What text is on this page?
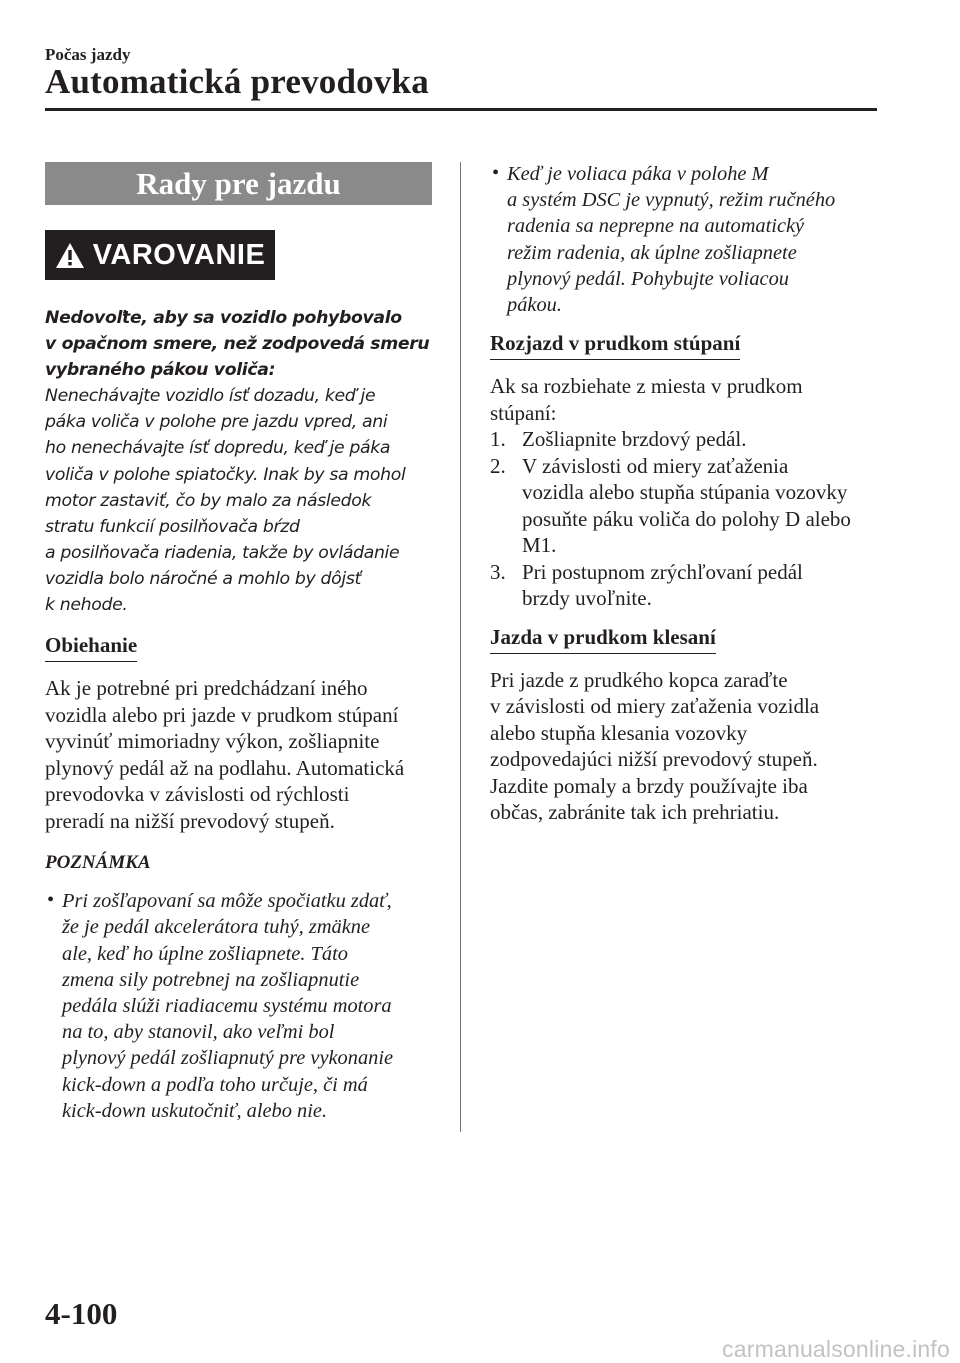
Počas jazdy
Automatická prevodovka
Rady pre jazdu
VAROVANIE
Nedovoľte, aby sa vozidlo pohybovalo
v opačnom smere, než zodpovedá smeru
vybraného pákou voliča:
Nenechávajte vozidlo ísť dozadu, keď je
páka voliča v polohe pre jazdu vpred, ani
ho nenechávajte ísť dopredu, keď je páka
voliča v polohe spiatočky. Inak by sa mohol
motor zastaviť, čo by malo za následok
stratu funkcií posilňovača bŕzd
a posilňovača riadenia, takže by ovládanie
vozidla bolo náročné a mohlo by dôjsť
k nehode.
Obiehanie
Ak je potrebné pri predchádzaní iného
vozidla alebo pri jazde v prudkom stúpaní
vyvinúť mimoriadny výkon, zošliapnite
plynový pedál až na podlahu. Automatická
prevodovka v závislosti od rýchlosti
preradí na nižší prevodový stupeň.
POZNÁMKA
• Pri zošľapovaní sa môže spočiatku zdať,
že je pedál akcelerátora tuhý, zmäkne
ale, keď ho úplne zošliapnete. Táto
zmena sily potrebnej na zošliapnutie
pedála slúži riadiacemu systému motora
na to, aby stanovil, ako veľmi bol
plynový pedál zošliapnutý pre vykonanie
kick-down a podľa toho určuje, či má
kick-down uskutočniť, alebo nie.
• Keď je voliaca páka v polohe M
a systém DSC je vypnutý, režim ručného
radenia sa neprepne na automatický
režim radenia, ak úplne zošliapnete
plynový pedál. Pohybujte voliacou
pákou.
Rozjazd v prudkom stúpaní
Ak sa rozbiehate z miesta v prudkom
stúpaní:
1. Zošliapnite brzdový pedál.
2. V závislosti od miery zaťaženia
vozidla alebo stupňa stúpania vozovky
posuňte páku voliča do polohy D alebo
M1.
3. Pri postupnom zrýchľovaní pedál
brzdy uvoľnite.
Jazda v prudkom klesaní
Pri jazde z prudkého kopca zaraďte
v závislosti od miery zaťaženia vozidla
alebo stupňa klesania vozovky
zodpovedajúci nižší prevodový stupeň.
Jazdite pomaly a brzdy používajte iba
občas, zabránite tak ich prehriatiu.
4-100
carmanualsonline.info
